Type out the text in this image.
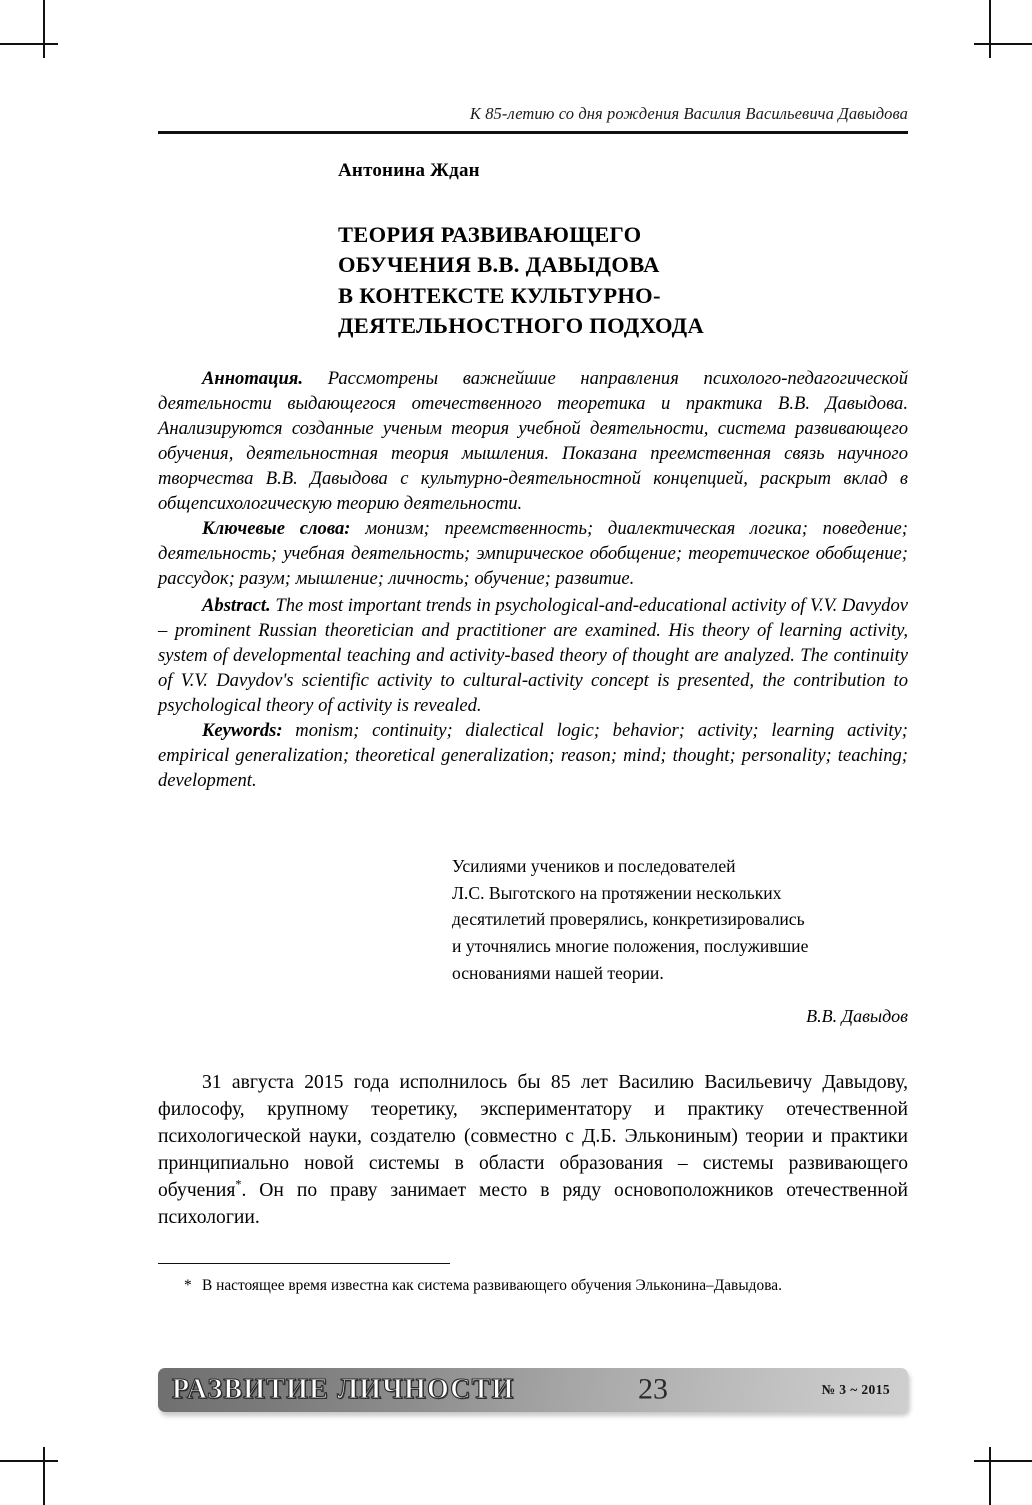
К 85-летию со дня рождения Василия Васильевича Давыдова
Антонина Ждан
ТЕОРИЯ РАЗВИВАЮЩЕГО
ОБУЧЕНИЯ В.В. ДАВЫДОВА
В КОНТЕКСТЕ КУЛЬТУРНО-
ДЕЯТЕЛЬНОСТНОГО ПОДХОДА

Аннотация. Рассмотрены важнейшие направления психолого-педагогической деятельности выдающегося отечественного теоретика и практика В.В. Давыдова. Анализируются созданные ученым теория учебной деятельности, система развивающего обучения, деятельностная теория мышления. Показана преемственная связь научного творчества В.В. Давыдова с культурно-деятельностной концепцией, раскрыт вклад в общепсихологическую теорию деятельности.

Ключевые слова: монизм; преемственность; диалектическая логика; поведение; деятельность; учебная деятельность; эмпирическое обобщение; теоретическое обобщение; рассудок; разум; мышление; личность; обучение; развитие.

Abstract. The most important trends in psychological-and-educational activity of V.V. Davydov – prominent Russian theoretician and practitioner are examined. His theory of learning activity, system of developmental teaching and activity-based theory of thought are analyzed. The continuity of V.V. Davydov's scientific activity to cultural-activity concept is presented, the contribution to psychological theory of activity is revealed.

Keywords: monism; continuity; dialectical logic; behavior; activity; learning activity; empirical generalization; theoretical generalization; reason; mind; thought; personality; teaching; development.

Усилиями учеников и последователей
Л.С. Выготского на протяжении нескольких
десятилетий проверялись, конкретизировались
и уточнялись многие положения, послужившие
основаниями нашей теории.
В.В. Давыдов

31 августа 2015 года исполнилось бы 85 лет Василию Васильевичу Давыдову, философу, крупному теоретику, экспериментатору и практику отечественной психологической науки, создателю (совместно с Д.Б. Элькониным) теории и практики принципиально новой системы в области образования – системы развивающего обучения*. Он по праву занимает место в ряду основоположников отечественной психологии.

* В настоящее время известна как система развивающего обучения Эльконина–Давыдова.

РАЗВИТИЕ ЛИЧНОСТИ	23	№ 3 ~ 2015
